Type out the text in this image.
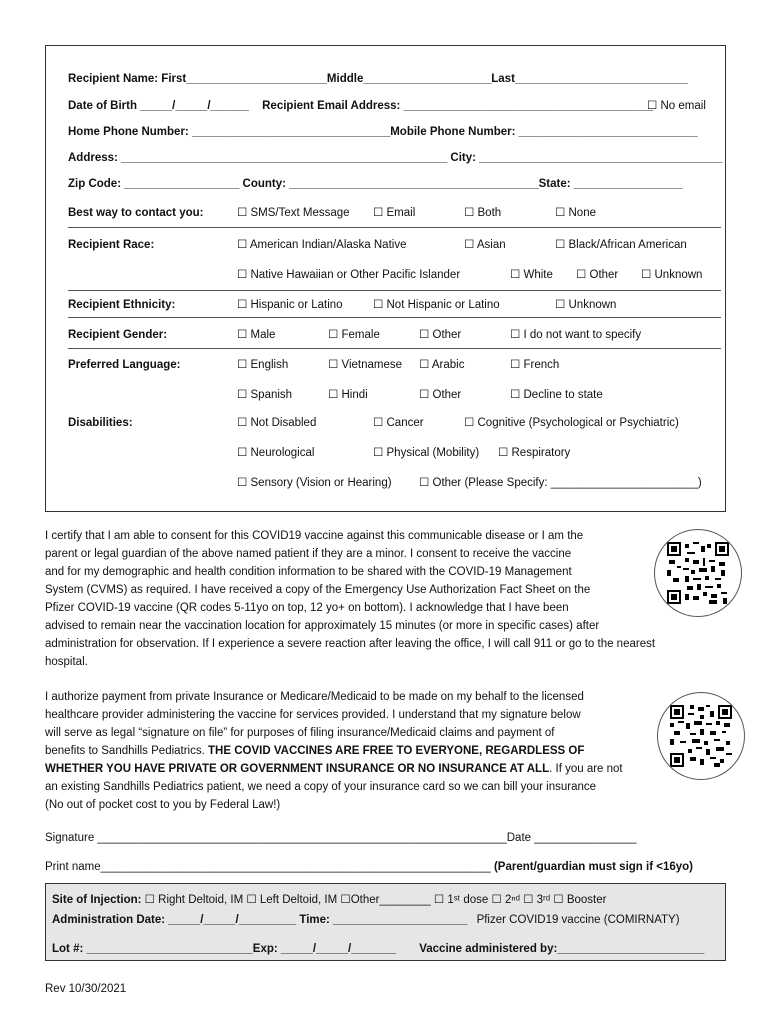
Recipient Name: First______________________Middle____________________Last___________________________
Date of Birth _____/_____/______ Recipient Email Address: _______________________________________
☐ No email
Home Phone Number: _______________________________Mobile Phone Number: ____________________________
Address: ___________________________________________________ City: ______________________________________
Zip Code: __________________ County: _______________________________________State: _________________
Best way to contact you:	☐ SMS/Text Message ☐ Email	☐ Both	☐ None
Recipient Race:	☐ American Indian/Alaska Native	☐ Asian	☐ Black/African American
☐ Native Hawaiian or Other Pacific Islander	☐ White ☐ Other ☐ Unknown
Recipient Ethnicity:	☐ Hispanic or Latino	☐ Not Hispanic or Latino	☐ Unknown
Recipient Gender:	☐ Male	☐ Female	☐ Other	☐ I do not want to specify
Preferred Language:	☐ English	☐ Vietnamese ☐ Arabic	☐ French
☐ Spanish	☐ Hindi	☐ Other	☐ Decline to state
Disabilities:	☐ Not Disabled	☐ Cancer	☐ Cognitive (Psychological or Psychiatric)
☐ Neurological	☐ Physical (Mobility) ☐ Respiratory
☐ Sensory (Vision or Hearing) ☐ Other (Please Specify: _______________________)
I certify that I am able to consent for this COVID19 vaccine against this communicable disease or I am the
parent or legal guardian of the above named patient if they are a minor. I consent to receive the vaccine
and for my demographic and health condition information to be shared with the COVID-19 Management
System (CVMS) as required. I have received a copy of the Emergency Use Authorization Fact Sheet on the
Pfizer COVID-19 vaccine (QR codes 5-11yo on top, 12 yo+ on bottom). I acknowledge that I have been
advised to remain near the vaccination location for approximately 15 minutes (or more in specific cases) after
administration for observation. If I experience a severe reaction after leaving the office, I will call 911 or go to the nearest
hospital.
I authorize payment from private Insurance or Medicare/Medicaid to be made on my behalf to the licensed
healthcare provider administering the vaccine for services provided. I understand that my signature below
will serve as legal “signature on file” for purposes of filing insurance/Medicaid claims and payment of
benefits to Sandhills Pediatrics. THE COVID VACCINES ARE FREE TO EVERYONE, REGARDLESS OF
WHETHER YOU HAVE PRIVATE OR GOVERNMENT INSURANCE OR NO INSURANCE AT ALL. If you are not
an existing Sandhills Pediatrics patient, we need a copy of your insurance card so we can bill your insurance
(No out of pocket cost to you by Federal Law!)
Signature ________________________________________________________________Date ________________
Print name_____________________________________________________________ (Parent/guardian must sign if <16yo)
Site of Injection: ☐ Right Deltoid, IM ☐ Left Deltoid, IM ☐Other________ ☐ 1ˢᵗ dose ☐ 2ⁿᵈ ☐ 3ʳᵈ ☐ Booster
Administration Date: _____/_____/_________ Time: _____________________ Pfizer COVID19 vaccine (COMIRNATY)
Lot #: __________________________Exp: _____/_____/_______ Vaccine administered by:_______________________
Rev 10/30/2021
